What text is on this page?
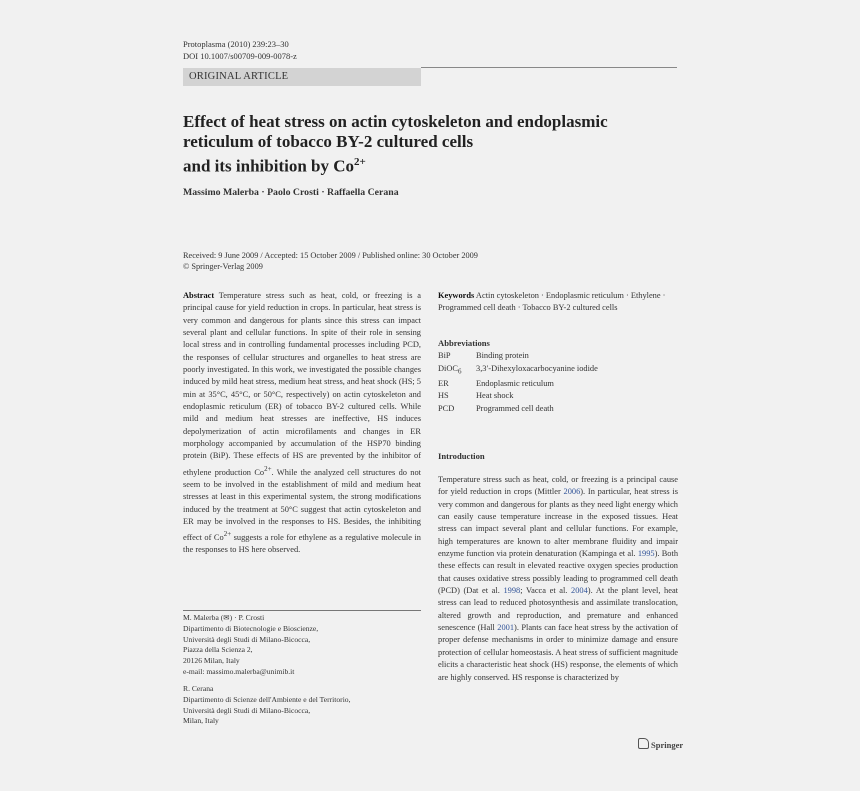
Protoplasma (2010) 239:23–30
DOI 10.1007/s00709-009-0078-z
ORIGINAL ARTICLE
Effect of heat stress on actin cytoskeleton and endoplasmic
reticulum of tobacco BY-2 cultured cells
and its inhibition by $Co^{2+}$
Massimo Malerba · Paolo Crosti · Raffaella Cerana
Received: 9 June 2009 / Accepted: 15 October 2009 / Published online: 30 October 2009
© Springer-Verlag 2009
Abstract Temperature stress such as heat, cold, or freezing is a principal cause for yield reduction in crops. In particular, heat stress is very common and dangerous for plants since this stress can impact several plant and cellular functions. In spite of their role in sensing local stress and in controlling fundamental processes including PCD, the responses of cellular structures and organelles to heat stress are poorly investigated. In this work, we investigated the possible changes induced by mild heat stress, medium heat stress, and heat shock (HS; 5 min at 35°C, 45°C, or 50°C, respectively) on actin cytoskeleton and endoplasmic reticulum (ER) of tobacco BY-2 cultured cells. While mild and medium heat stresses are ineffective, HS induces depolymerization of actin microfilaments and changes in ER morphology accompanied by accumulation of the HSP70 binding protein (BiP). These effects of HS are prevented by the inhibitor of ethylene production $Co^{2+}$. While the analyzed cell structures do not seem to be involved in the establishment of mild and medium heat stresses at least in this experimental system, the strong modifications induced by the treatment at 50°C suggest that actin cytoskeleton and ER may be involved in the responses to HS. Besides, the inhibiting effect of $Co^{2+}$ suggests a role for ethylene as a regulative molecule in the responses to HS here observed.
Keywords Actin cytoskeleton · Endoplasmic reticulum · Ethylene · Programmed cell death · Tobacco BY-2 cultured cells
Abbreviations
BiP	Binding protein
DiOC$_6$	3,3′-Dihexyloxacarbocyanine iodide
ER	Endoplasmic reticulum
HS	Heat shock
PCD	Programmed cell death
Introduction
Temperature stress such as heat, cold, or freezing is a principal cause for yield reduction in crops (Mittler 2006). In particular, heat stress is very common and dangerous for plants as they need light energy which can easily cause temperature increase in the exposed tissues. Heat stress can impact several plant and cellular functions. For example, high temperatures are known to alter membrane fluidity and impair enzyme function via protein denaturation (Kampinga et al. 1995). Both these effects can result in elevated reactive oxygen species production that causes oxidative stress possibly leading to programmed cell death (PCD) (Dat et al. 1998; Vacca et al. 2004). At the plant level, heat stress can lead to reduced photosynthesis and assimilate translocation, altered growth and reproduction, and premature and enhanced senescence (Hall 2001). Plants can face heat stress by the activation of proper defense mechanisms in order to minimize damage and ensure protection of cellular homeostasis. A heat stress of sufficient magnitude elicits a characteristic heat shock (HS) response, the elements of which are highly conserved. HS response is characterized by
M. Malerba (✉) · P. Crosti
Dipartimento di Biotecnologie e Bioscienze,
Università degli Studi di Milano-Bicocca,
Piazza della Scienza 2,
20126 Milan, Italy
e-mail: massimo.malerba@unimib.it
R. Cerana
Dipartimento di Scienze dell'Ambiente e del Territorio,
Università degli Studi di Milano-Bicocca,
Milan, Italy
Springer
